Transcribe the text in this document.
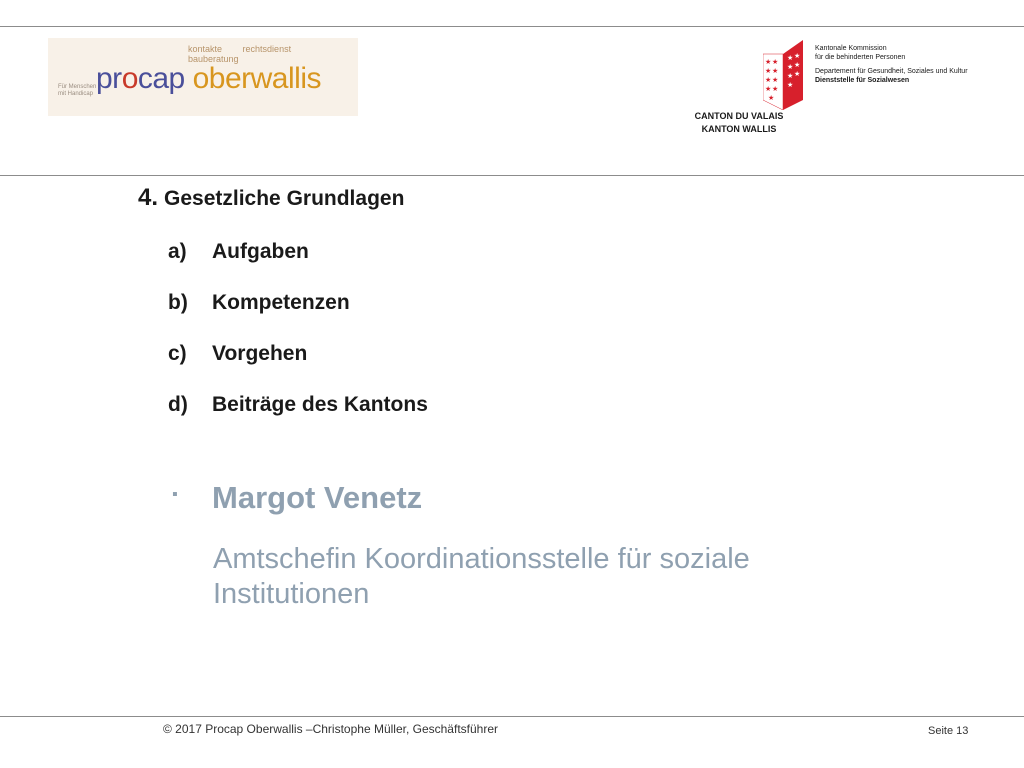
kontakte rechtsdienst bauberatung
Für Menschen
mit Handicap procap oberwallis	★ ★
★ ★
★ ★
★ ★
★
★ ★
★ ★
★ ★
★
CANTON DU VALAIS
KANTON WALLIS
Kantonale Kommission
für die behinderten Personen
Departement für Gesundheit, Soziales und Kultur
Dienststelle für Sozialwesen
4. Gesetzliche Grundlagen
a) Aufgaben
b) Kompetenzen
c) Vorgehen
d) Beiträge des Kantons
▪ Margot Venetz
Amtschefin Koordinationsstelle für soziale Institutionen
© 2017 Procap Oberwallis –Christophe Müller, Geschäftsführer	Seite 13
